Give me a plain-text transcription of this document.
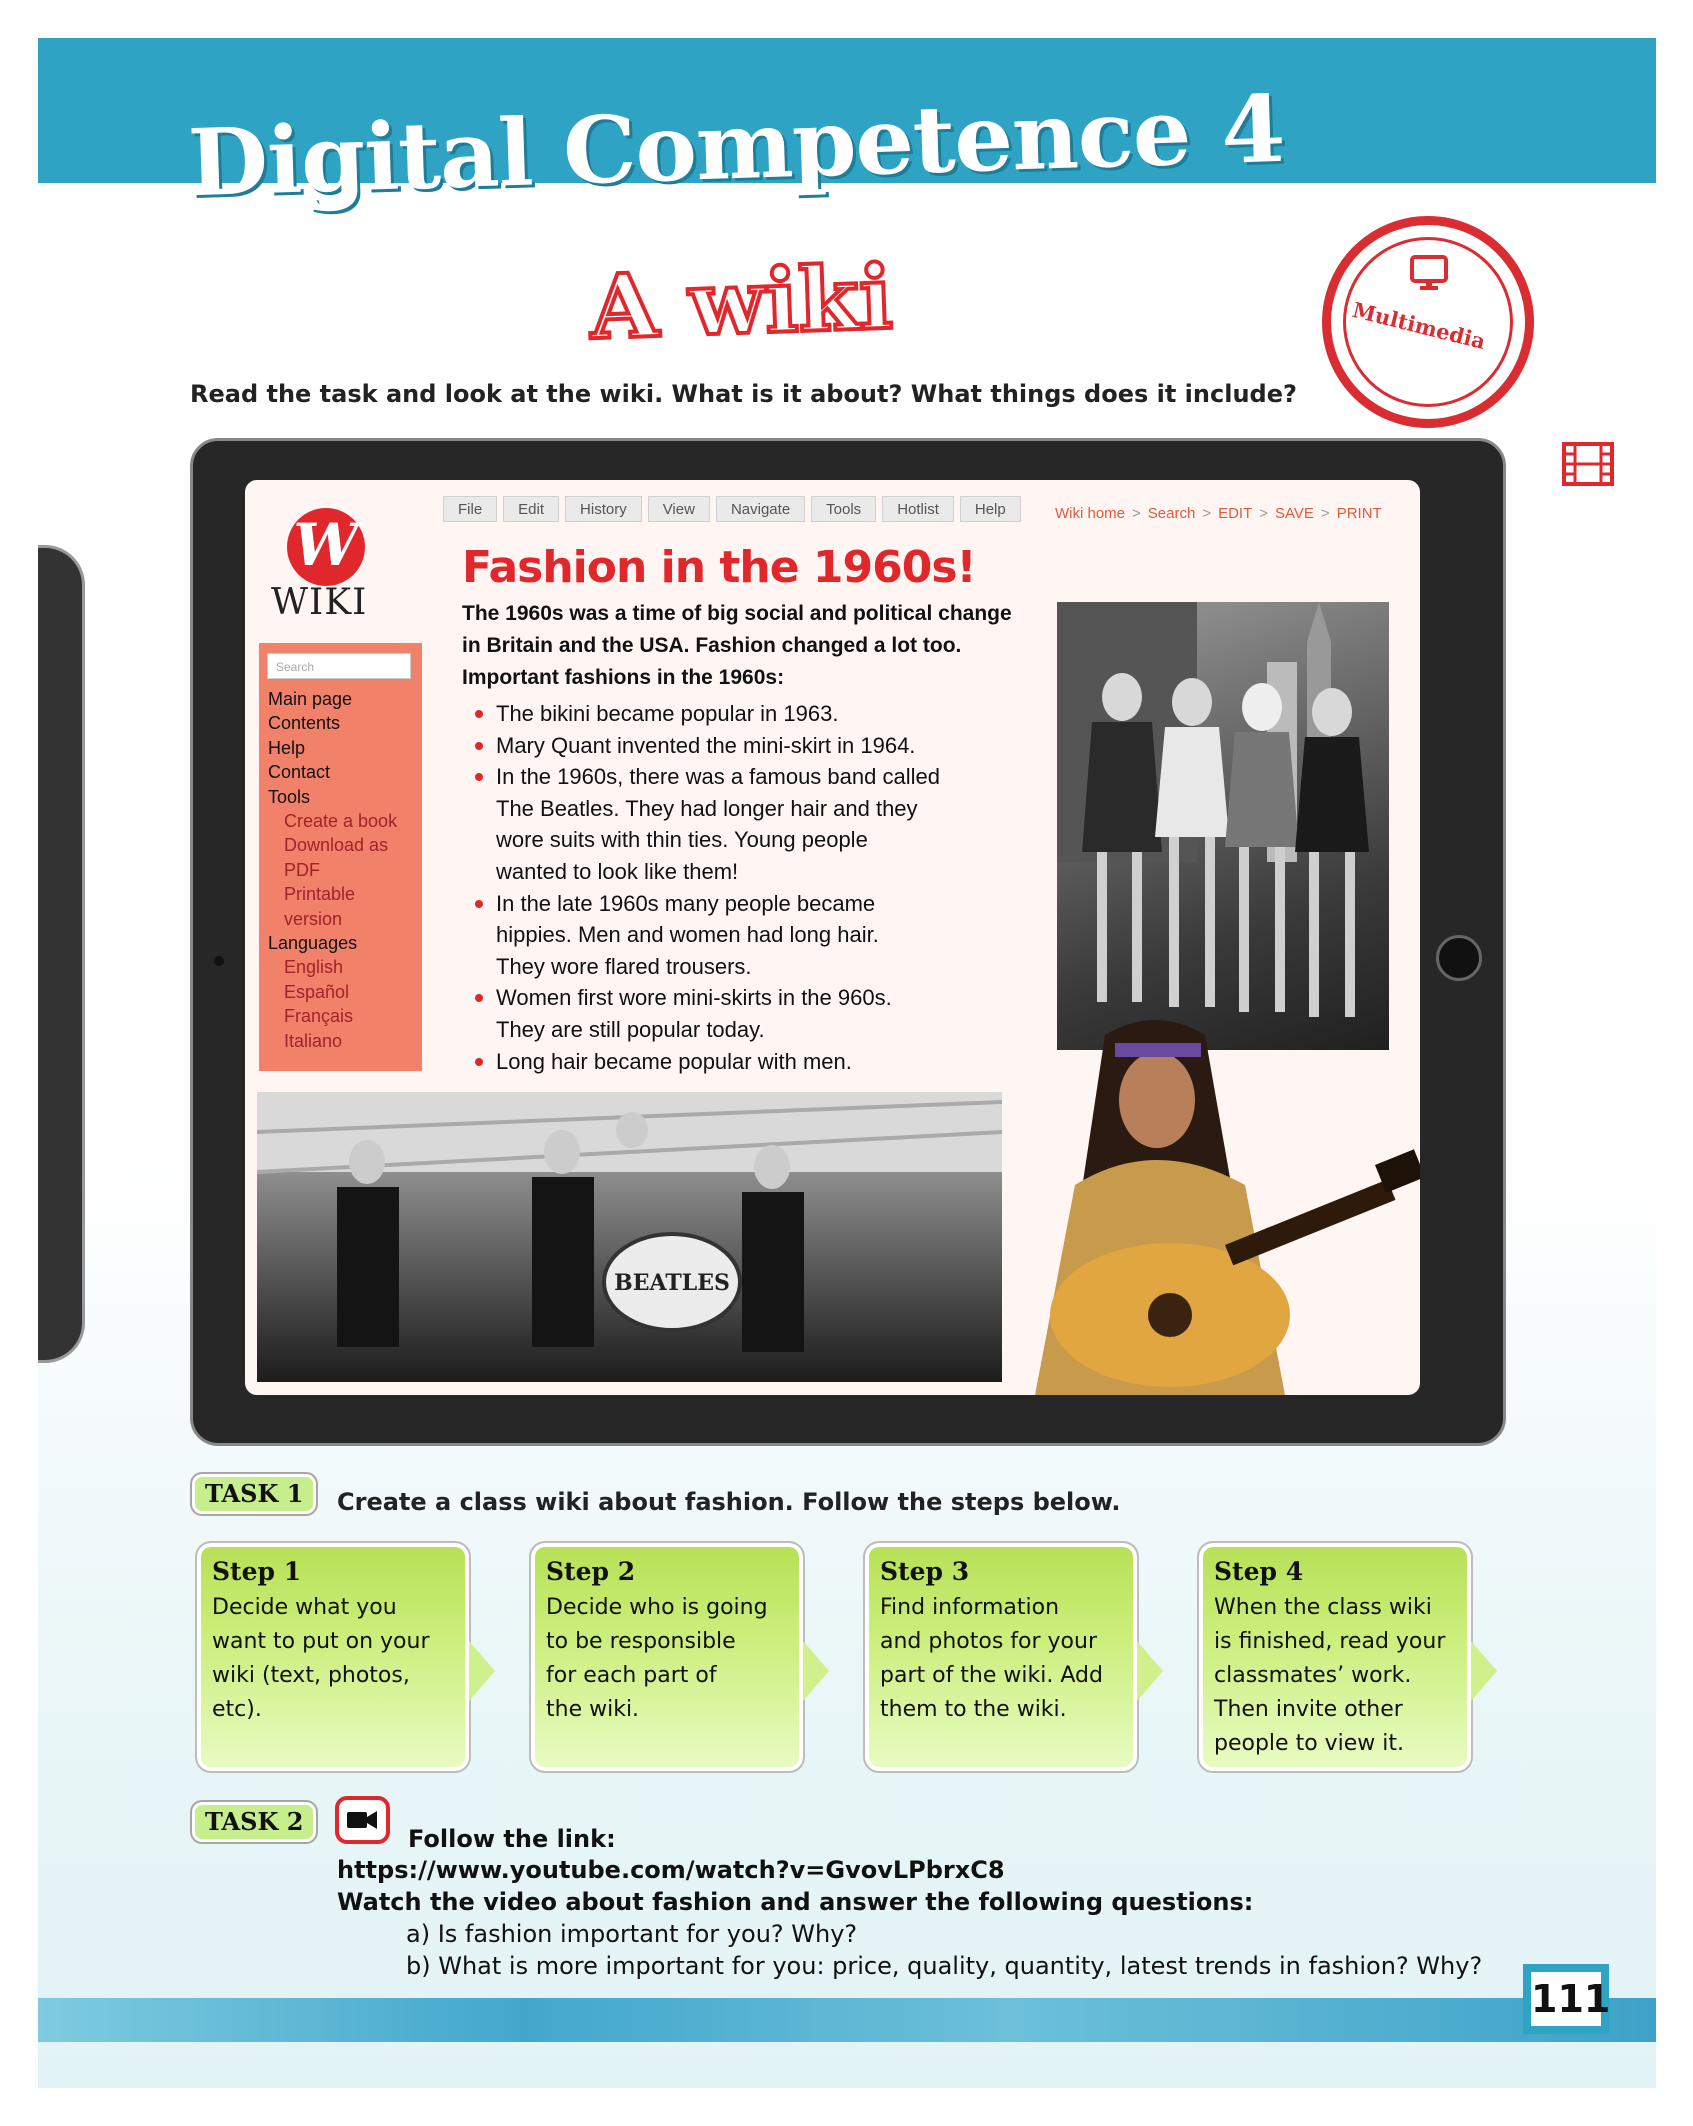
Digital Competence 4
A wiki	Multimedia

Read the task and look at the wiki. What is it about? What things does it include?

File	Edit	History	View	Navigate	Tools	Hotlist	Help	Wiki home > Search > EDIT > SAVE > PRINT
W
WIKI
Search
Main page
Contents
Help
Contact
Tools
Create a book
Download as
PDF
Printable
version
Languages
English
Español
Français
Italiano
Fashion in the 1960s!

The 1960s was a time of big social and political change
in Britain and the USA. Fashion changed a lot too.

Important fashions in the 1960s:

The bikini became popular in 1963.
Mary Quant invented the mini-skirt in 1964.
In the 1960s, there was a famous band called
The Beatles. They had longer hair and they
wore suits with thin ties. Young people
wanted to look like them!
In the late 1960s many people became
hippies. Men and women had long hair.
They wore flared trousers.
Women first wore mini-skirts in the 960s.
They are still popular today.
Long hair became popular with men.
BEATLES
TASK 1	Create a class wiki about fashion. Follow the steps below.

Step 1

Decide what you
want to put on your
wiki (text, photos,
etc).

Step 2

Decide who is going
to be responsible
for each part of
the wiki.

Step 3

Find information
and photos for your
part of the wiki. Add
them to the wiki.

Step 4

When the class wiki
is finished, read your
classmates’ work.
Then invite other
people to view it.

TASK 2

Follow the link:

https://www.youtube.com/watch?v=GvovLPbrxC8

Watch the video about fashion and answer the following questions:

a) Is fashion important for you? Why?

b) What is more important for you: price, quality, quantity, latest trends in fashion? Why?

111
